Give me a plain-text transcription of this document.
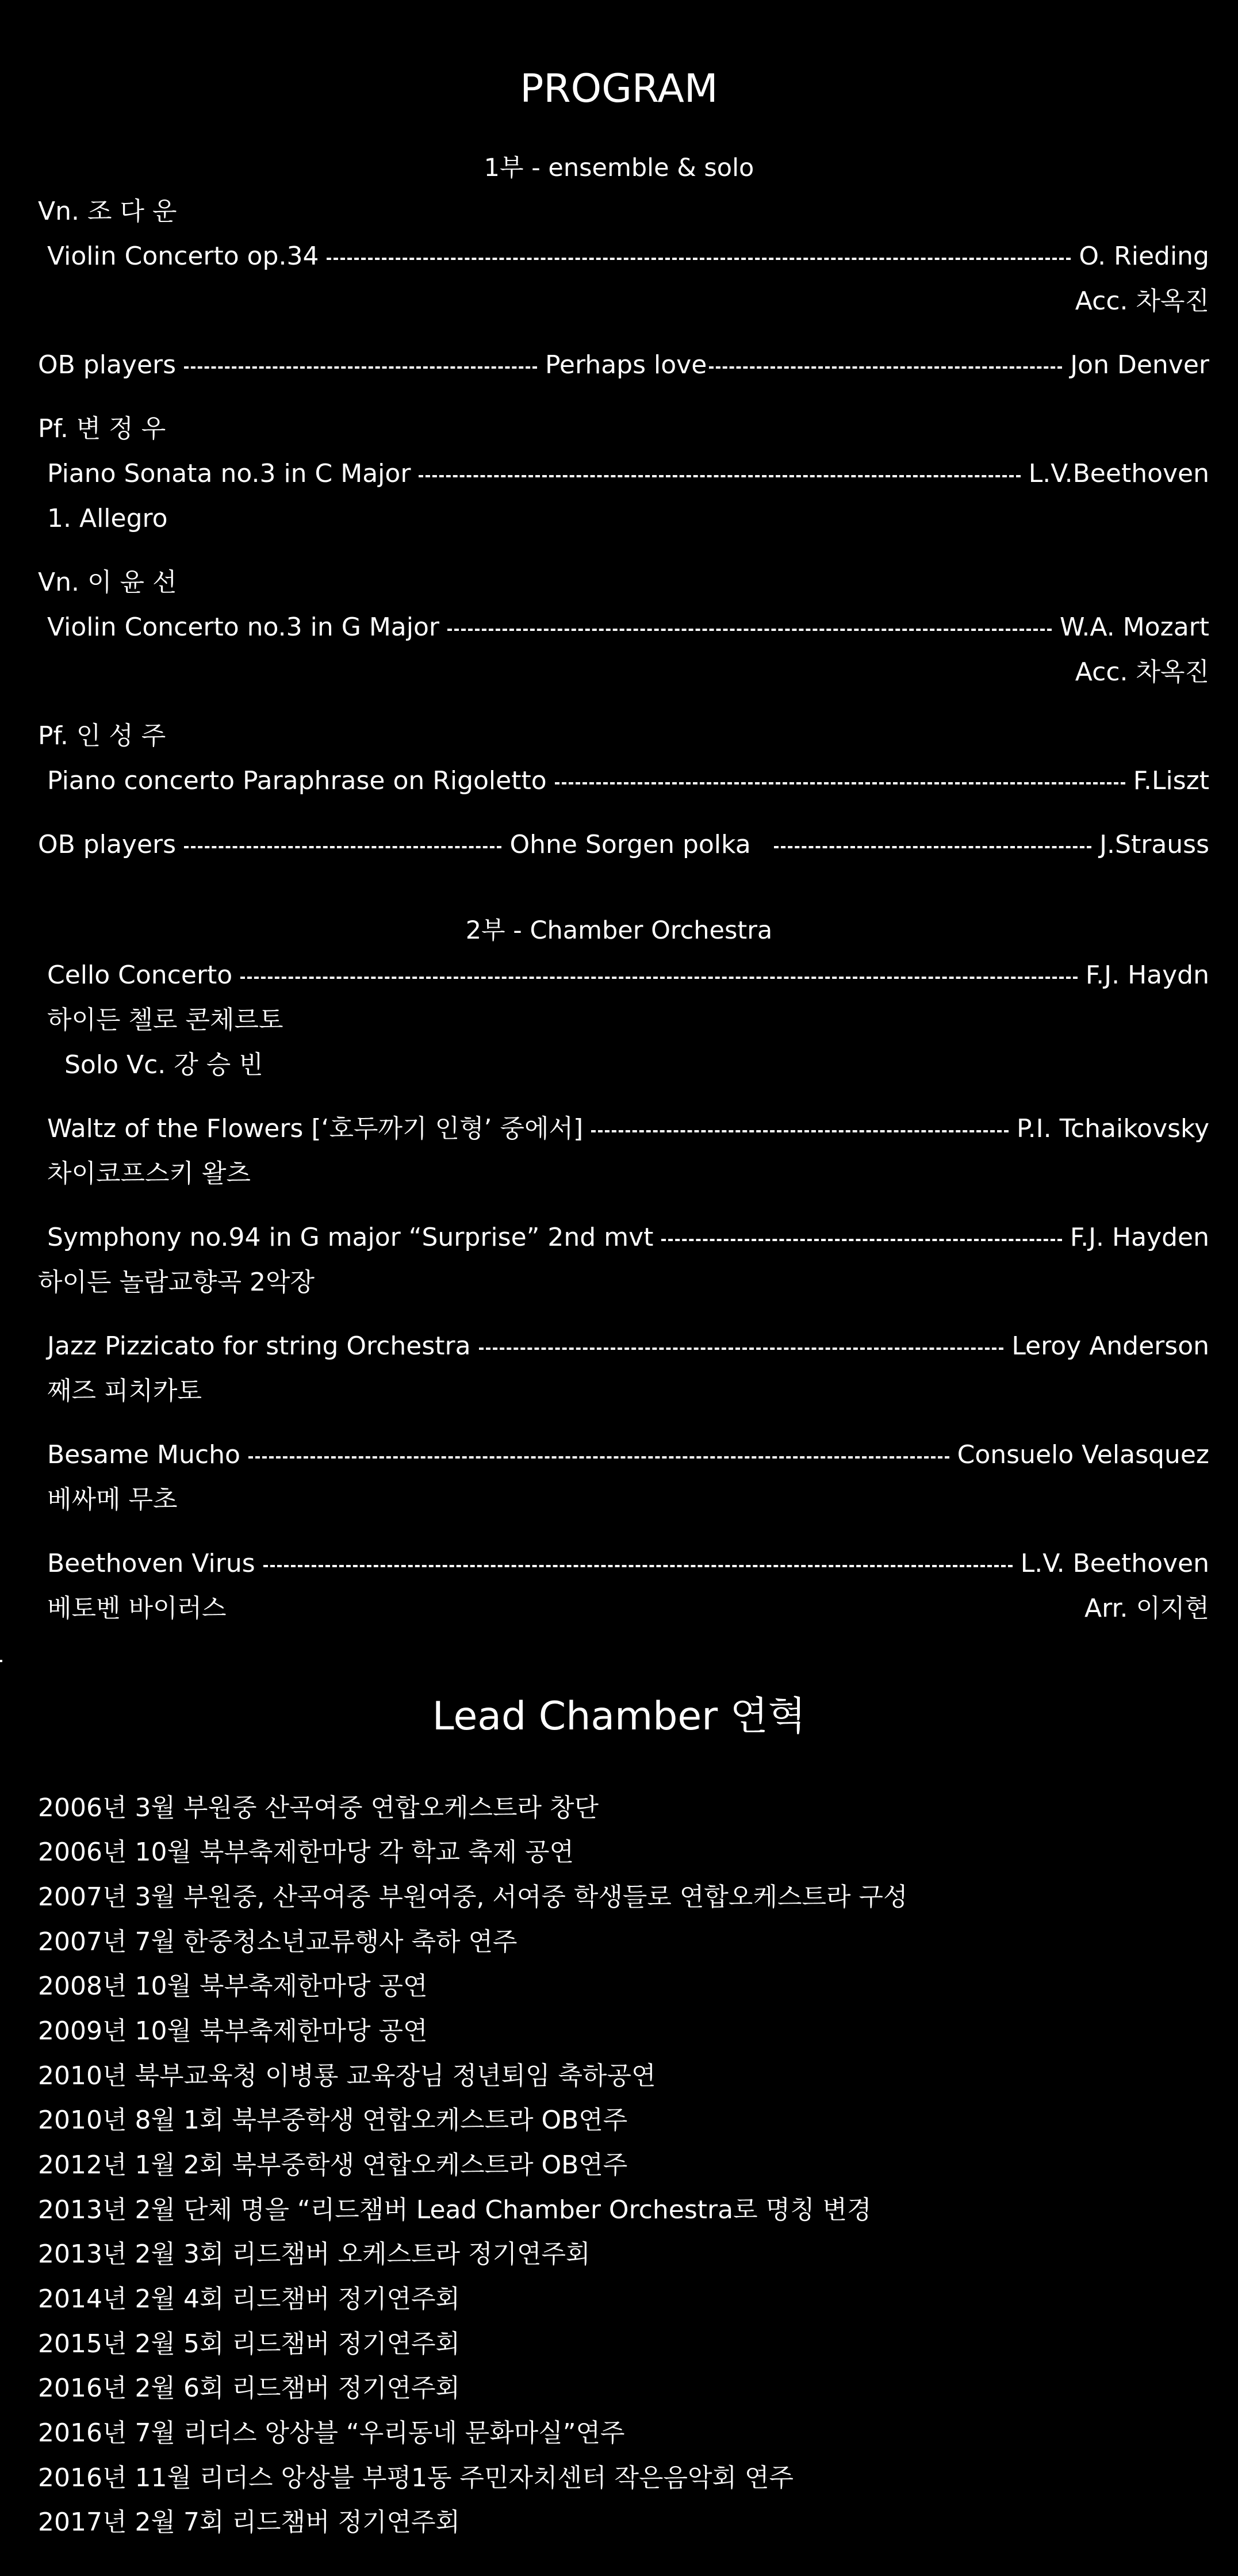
PROGRAM
1부 - ensemble & solo
Vn. 조 다 운
Violin Concerto op.34	O. Rieding
Acc. 차옥진
OB players	Perhaps love	Jon Denver
Pf. 변 정 우
Piano Sonata no.3 in C Major	L.V.Beethoven
1. Allegro
Vn. 이 윤 선
Violin Concerto no.3 in G Major	W.A. Mozart
Acc. 차옥진
Pf. 인 성 주
Piano concerto Paraphrase on Rigoletto	F.Liszt
OB players	Ohne Sorgen polka	J.Strauss
2부 - Chamber Orchestra
Cello Concerto	F.J. Haydn
하이든 첼로 콘체르토
Solo Vc. 강 승 빈
Waltz of the Flowers [‘호두까기 인형’ 중에서]	P.I. Tchaikovsky
차이코프스키 왈츠
Symphony no.94 in G major “Surprise” 2nd mvt	F.J. Hayden
하이든 놀람교향곡 2악장
Jazz Pizzicato for string Orchestra	Leroy Anderson
째즈 피치카토
Besame Mucho	Consuelo Velasquez
베싸메 무초
Beethoven Virus	L.V. Beethoven
베토벤 바이러스	Arr. 이지현
Lead Chamber 연혁
2006년 3월 부원중 산곡여중 연합오케스트라 창단
2006년 10월 북부축제한마당 각 학교 축제 공연
2007년 3월 부원중, 산곡여중 부원여중, 서여중 학생들로 연합오케스트라 구성
2007년 7월 한중청소년교류행사 축하 연주
2008년 10월 북부축제한마당 공연
2009년 10월 북부축제한마당 공연
2010년 북부교육청 이병룡 교육장님 정년퇴임 축하공연
2010년 8월 1회 북부중학생 연합오케스트라 OB연주
2012년 1월 2회 북부중학생 연합오케스트라 OB연주
2013년 2월 단체 명을 “리드챔버 Lead Chamber Orchestra로 명칭 변경
2013년 2월 3회 리드챔버 오케스트라 정기연주회
2014년 2월 4회 리드챔버 정기연주회
2015년 2월 5회 리드챔버 정기연주회
2016년 2월 6회 리드챔버 정기연주회
2016년 7월 리더스 앙상블 “우리동네 문화마실”연주
2016년 11월 리더스 앙상블 부평1동 주민자치센터 작은음악회 연주
2017년 2월 7회 리드챔버 정기연주회
